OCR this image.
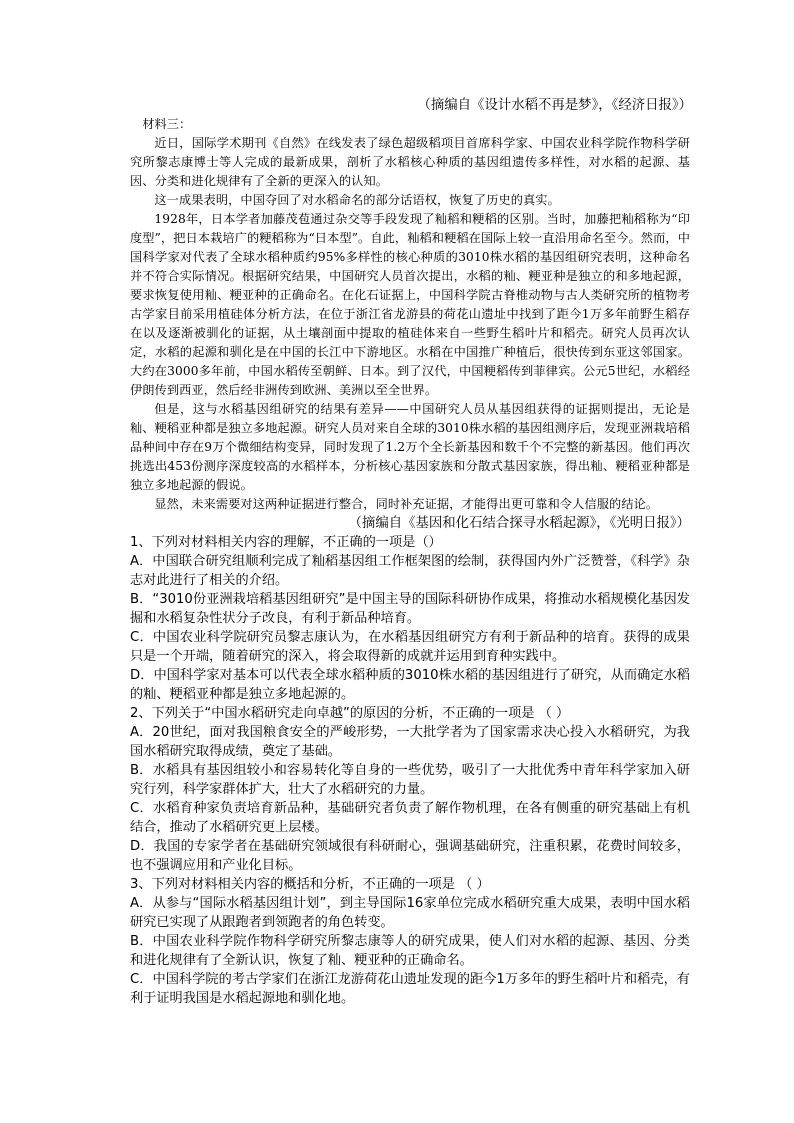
（摘编自《设计水稻不再是梦》，《经济日报》）

材料三：

近日，国际学术期刊《自然》在线发表了绿色超级稻项目首席科学家、中国农业科学院作物科学研究所黎志康博士等人完成的最新成果，剖析了水稻核心种质的基因组遗传多样性，对水稻的起源、基因、分类和进化规律有了全新的更深入的认知。

这一成果表明，中国夺回了对水稻命名的部分话语权，恢复了历史的真实。

1928年，日本学者加藤茂苞通过杂交等手段发现了籼稻和粳稻的区别。当时，加藤把籼稻称为“印度型”，把日本栽培广的粳稻称为“日本型”。自此，籼稻和粳稻在国际上较一直沿用命名至今。然而，中国科学家对代表了全球水稻种质约95%多样性的核心种质的3010株水稻的基因组研究表明，这种命名并不符合实际情况。根据研究结果，中国研究人员首次提出，水稻的籼、粳亚种是独立的和多地起源，要求恢复使用籼、粳亚种的正确命名。在化石证据上，中国科学院古脊椎动物与古人类研究所的植物考古学家目前采用植硅体分析方法，在位于浙江省龙游县的荷花山遗址中找到了距今1万多年前野生稻存在以及逐渐被驯化的证据，从土壤剖面中提取的植硅体来自一些野生稻叶片和稻壳。研究人员再次认定，水稻的起源和驯化是在中国的长江中下游地区。水稻在中国推广种植后，很快传到东亚这邻国家。大约在3000多年前，中国水稻传至朝鲜、日本。到了汉代，中国粳稻传到菲律宾。公元5世纪，水稻经伊朗传到西亚，然后经非洲传到欧洲、美洲以至全世界。

但是，这与水稻基因组研究的结果有差异——中国研究人员从基因组获得的证据则提出，无论是籼、粳稻亚种都是独立多地起源。研究人员对来自全球的3010株水稻的基因组测序后，发现亚洲栽培稻品种间中存在9万个微细结构变异，同时发现了1.2万个全长新基因和数千个不完整的新基因。他们再次挑选出453份测序深度较高的水稻样本，分析核心基因家族和分散式基因家族，得出籼、粳稻亚种都是独立多地起源的假说。

显然，未来需要对这两种证据进行整合，同时补充证据，才能得出更可靠和令人信服的结论。

（摘编自《基因和化石结合探寻水稻起源》，《光明日报》）

1、下列对材料相关内容的理解，不正确的一项是（）

A．中国联合研究组顺利完成了籼稻基因组工作框架图的绘制，获得国内外广泛赞誉，《科学》杂志对此进行了相关的介绍。

B．“3010份亚洲栽培稻基因组研究”是中国主导的国际科研协作成果，将推动水稻规模化基因发掘和水稻复杂性状分子改良，有利于新品种培育。

C．中国农业科学院研究员黎志康认为，在水稻基因组研究方有利于新品种的培育。获得的成果只是一个开端，随着研究的深入，将会取得新的成就并运用到育种实践中。

D．中国科学家对基本可以代表全球水稻种质的3010株水稻的基因组进行了研究，从而确定水稻的籼、粳稻亚种都是独立多地起源的。

2、下列关于“中国水稻研究走向卓越”的原因的分析，不正确的一项是 （ ）

A．20世纪，面对我国粮食安全的严峻形势，一大批学者为了国家需求决心投入水稻研究，为我国水稻研究取得成绩，奠定了基础。

B．水稻具有基因组较小和容易转化等自身的一些优势，吸引了一大批优秀中青年科学家加入研究行列，科学家群体扩大，壮大了水稻研究的力量。

C．水稻育种家负责培育新品种，基础研究者负责了解作物机理，在各有侧重的研究基础上有机结合，推动了水稻研究更上层楼。

D．我国的专家学者在基础研究领域很有科研耐心，强调基础研究，注重积累，花费时间较多，也不强调应用和产业化目标。

3、下列对材料相关内容的概括和分析，不正确的一项是 （ ）

A．从参与“国际水稻基因组计划”，到主导国际16家单位完成水稻研究重大成果，表明中国水稻研究已实现了从跟跑者到领跑者的角色转变。

B．中国农业科学院作物科学研究所黎志康等人的研究成果，使人们对水稻的起源、基因、分类和进化规律有了全新认识，恢复了籼、粳亚种的正确命名。

C．中国科学院的考古学家们在浙江龙游荷花山遗址发现的距今1万多年的野生稻叶片和稻壳，有利于证明我国是水稻起源地和驯化地。
